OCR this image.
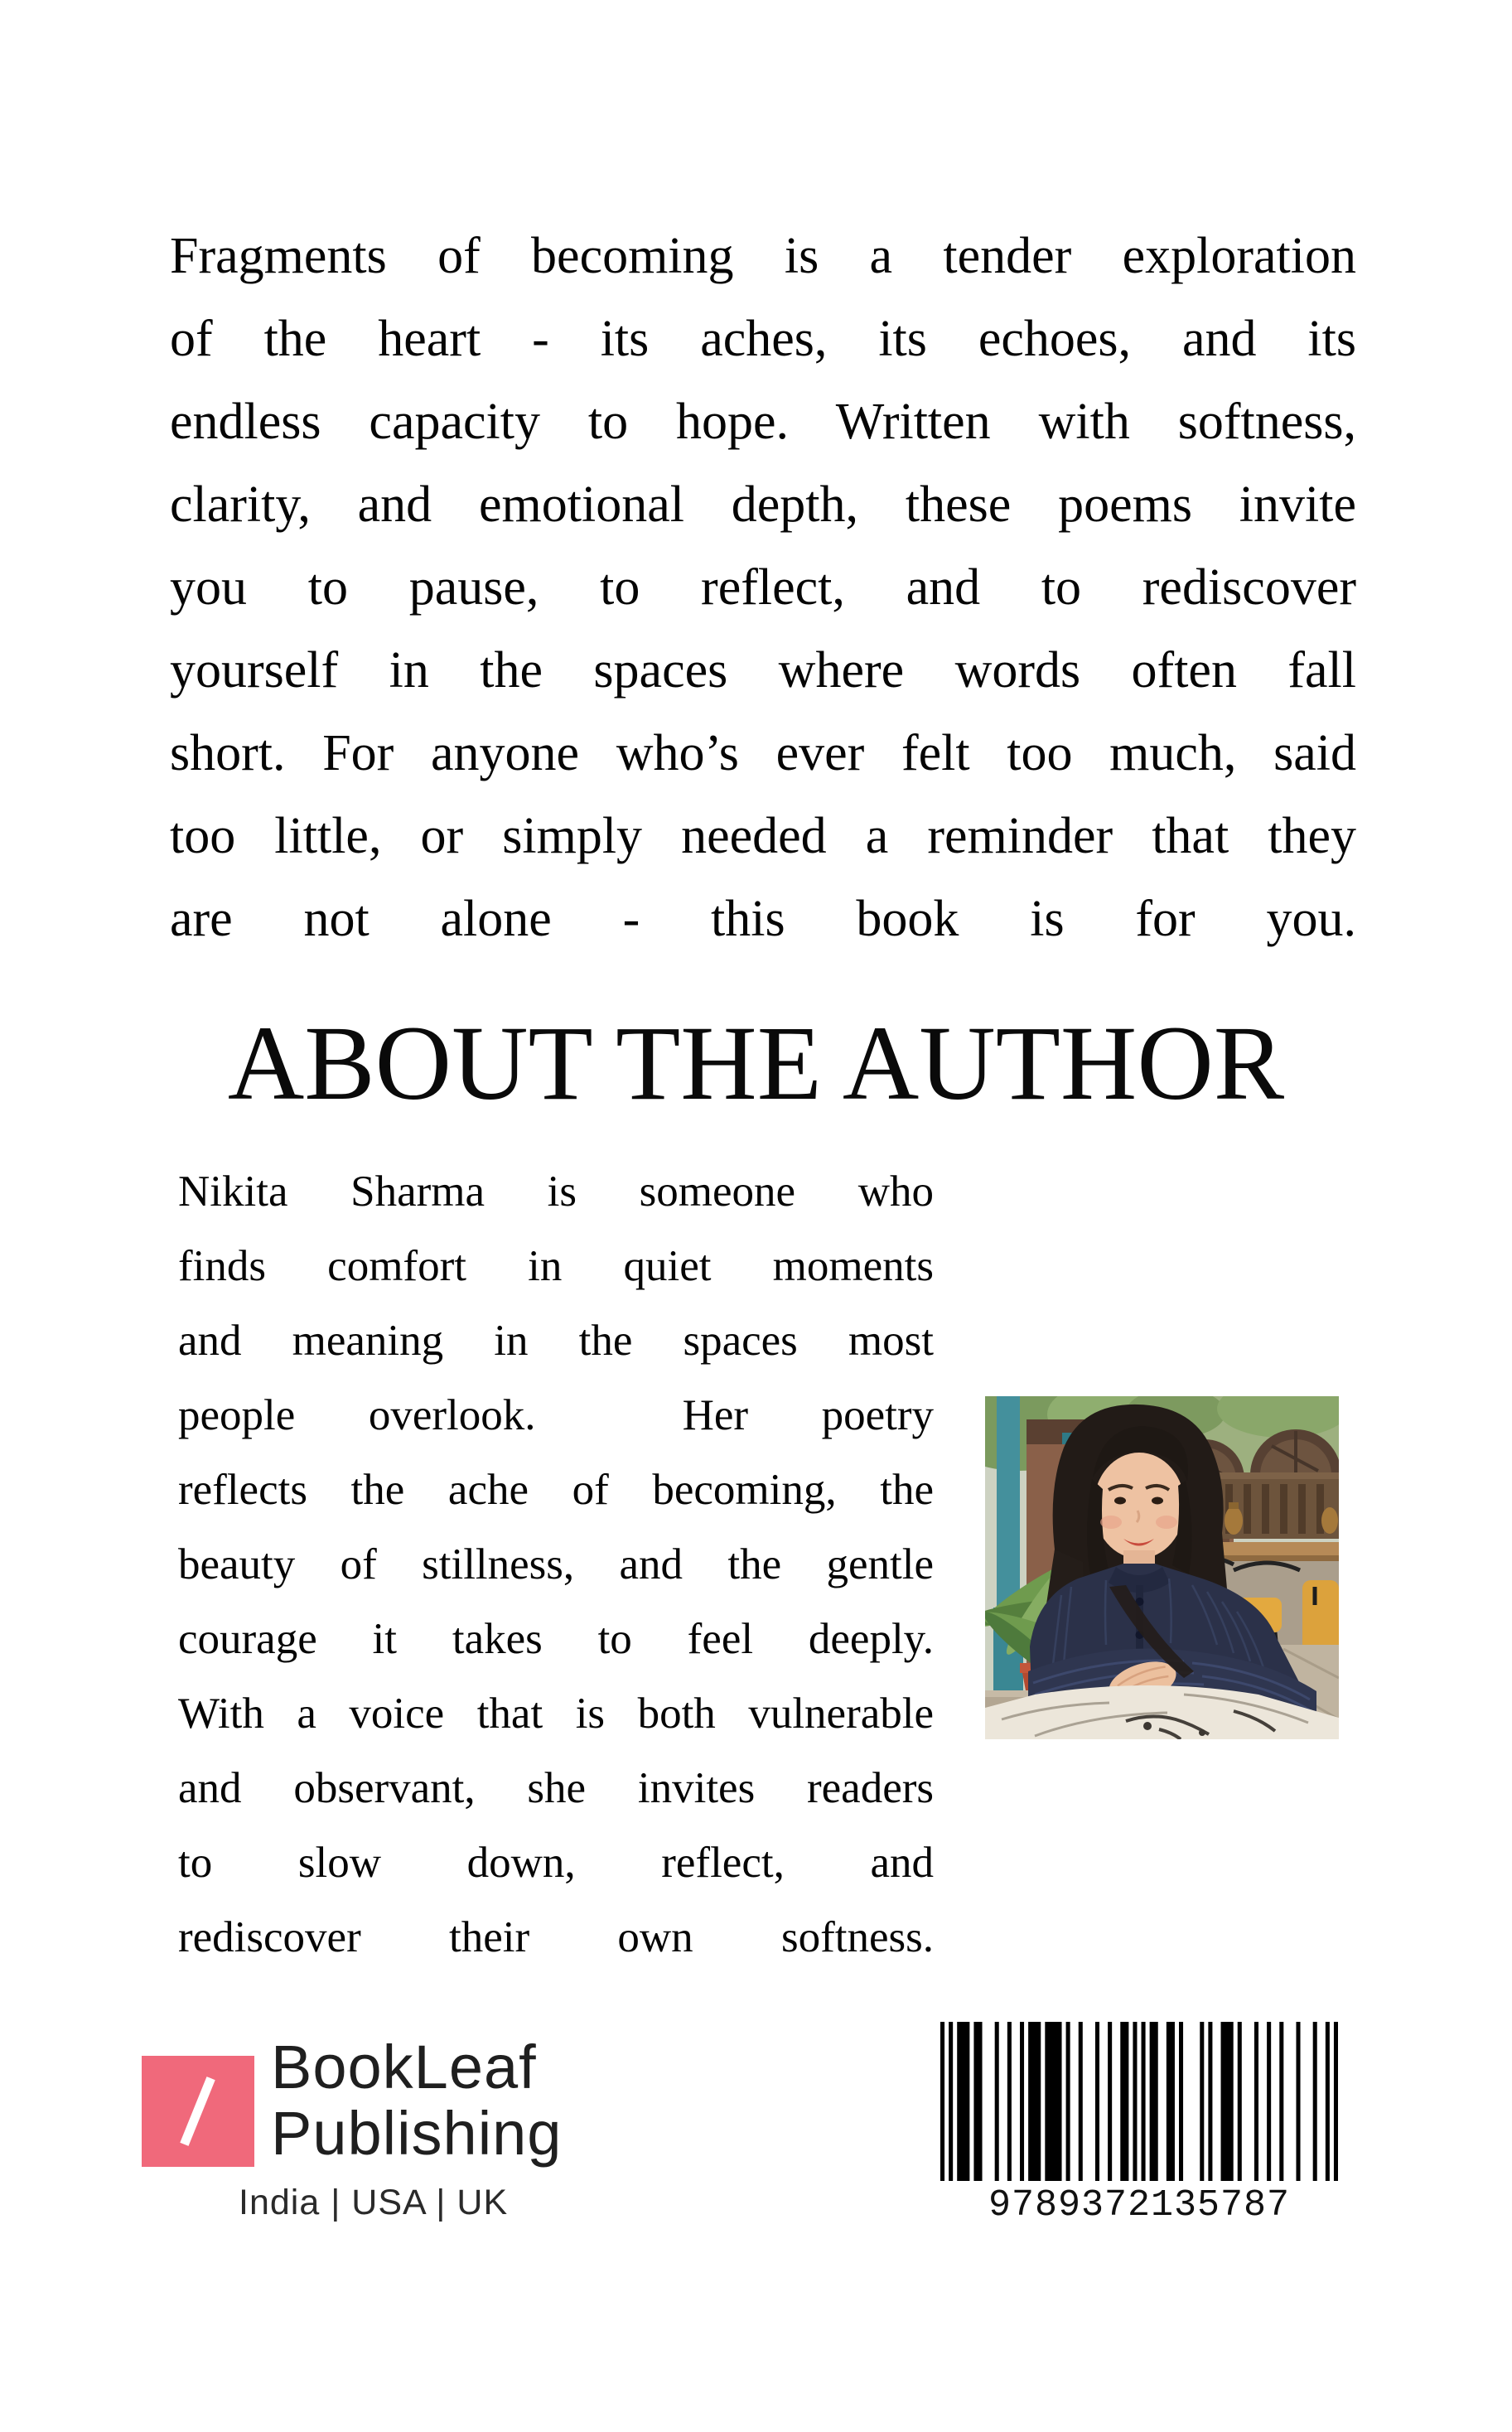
Fragments of becoming is a tender exploration
of the heart - its aches, its echoes, and its
endless capacity to hope. Written with softness,
clarity, and emotional depth, these poems invite
you to pause, to reflect, and to rediscover
yourself in the spaces where words often fall
short. For anyone who’s ever felt too much, said
too little, or simply needed a reminder that they
are not alone - this book is for you.
ABOUT THE AUTHOR
Nikita Sharma is someone who
finds comfort in quiet moments
and meaning in the spaces most
people overlook.  Her poetry
reflects the ache of becoming, the
beauty of stillness, and the gentle
courage it takes to feel deeply.
With a voice that is both vulnerable
and observant, she invites readers
to slow down, reflect, and
rediscover their own softness.
BookLeaf
Publishing
India | USA | UK	9789372135787
